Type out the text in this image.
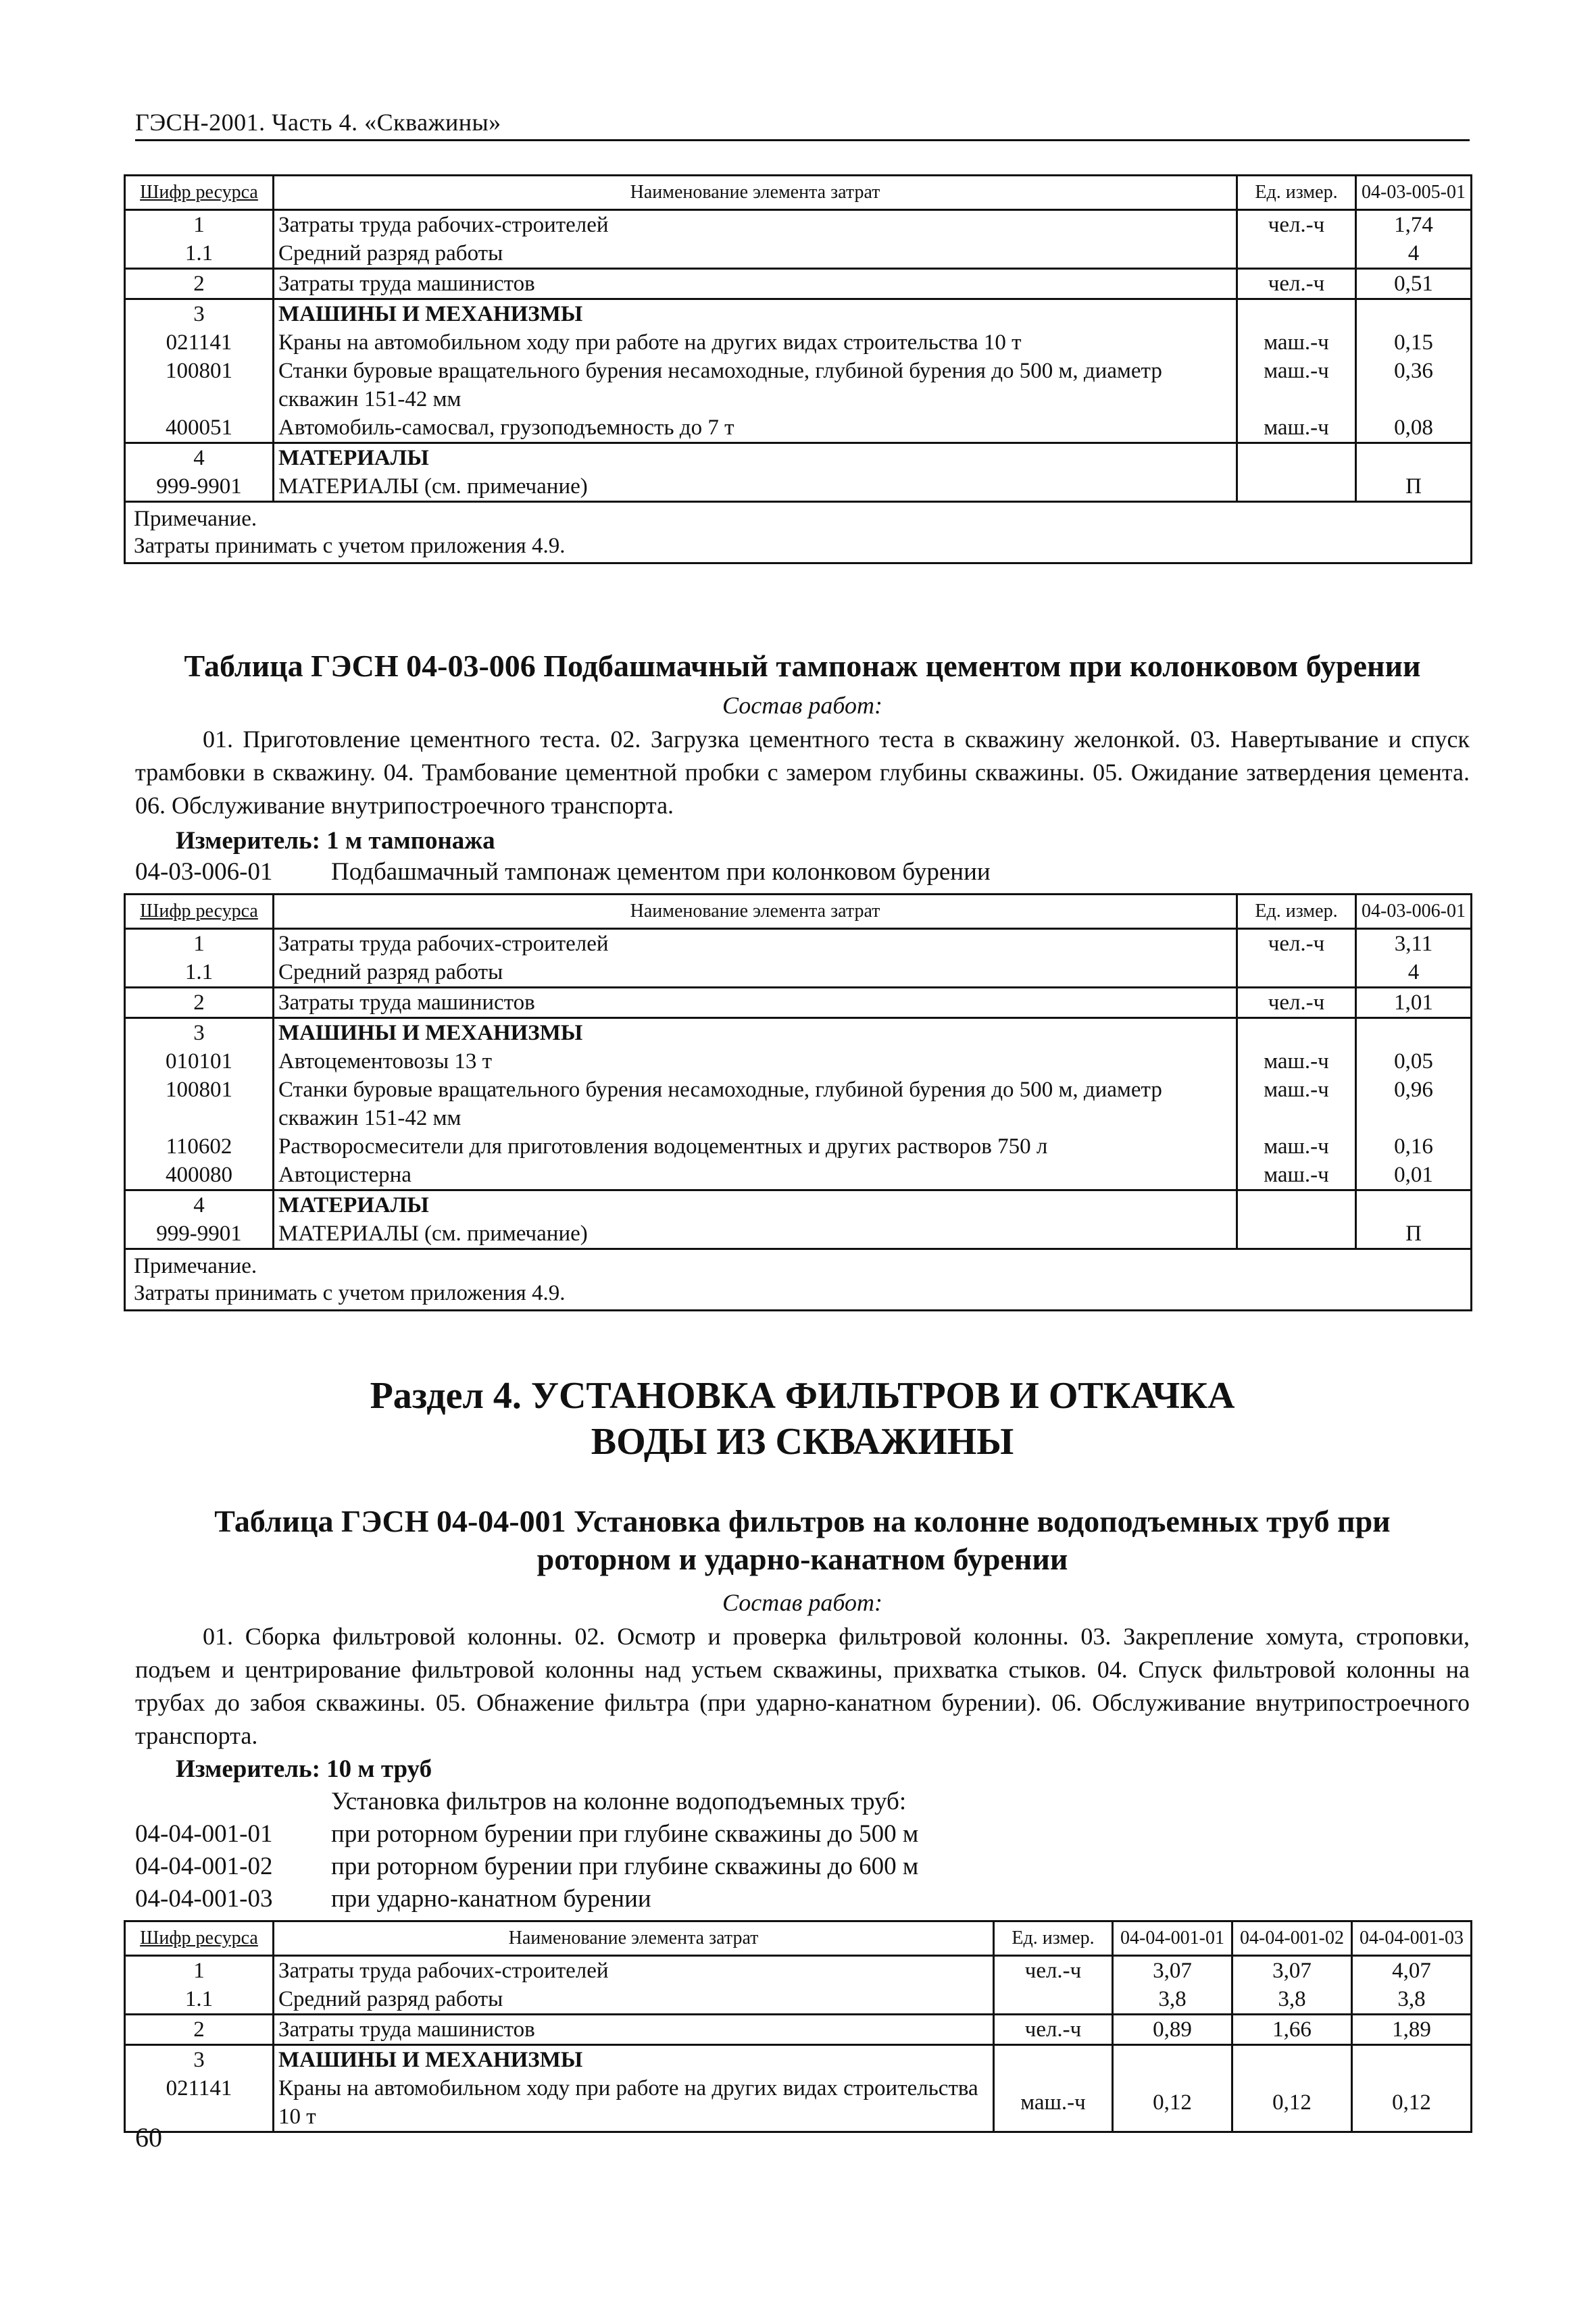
ГЭСН-2001. Часть 4. «Скважины»
Шифр ресурса	Наименование элемента затрат	Ед. измер.	04-03-005-01
1	Затраты труда рабочих-строителей	чел.-ч	1,74
1.1	Средний разряд работы		4
2	Затраты труда машинистов	чел.-ч	0,51
3	МАШИНЫ И МЕХАНИЗМЫ		
021141	Краны на автомобильном ходу при работе на других видах строительства 10 т	маш.-ч	0,15
100801	Станки буровые вращательного бурения несамоходные, глубиной бурения до 500 м, диаметр скважин 151-42 мм	маш.-ч	0,36
400051	Автомобиль-самосвал, грузоподъемность до 7 т	маш.-ч	0,08
4	МАТЕРИАЛЫ		
999-9901	МАТЕРИАЛЫ (см. примечание)		П

Примечание.
Затраты принимать с учетом приложения 4.9.			
Таблица ГЭСН 04-03-006 Подбашмачный тампонаж цементом при колонковом бурении
Состав работ:
01. Приготовление цементного теста. 02. Загрузка цементного теста в скважину желонкой. 03. Навертывание и спуск трамбовки в скважину. 04. Трамбование цементной пробки с замером глубины скважины. 05. Ожидание затвердения цемента. 06. Обслуживание внутрипостроечного транспорта.
Измеритель: 1 м тампонажа
04-03-006-01 Подбашмачный тампонаж цементом при колонковом бурении
Шифр ресурса	Наименование элемента затрат	Ед. измер.	04-03-006-01
1	Затраты труда рабочих-строителей	чел.-ч	3,11
1.1	Средний разряд работы		4
2	Затраты труда машинистов	чел.-ч	1,01
3	МАШИНЫ И МЕХАНИЗМЫ		
010101	Автоцементовозы 13 т	маш.-ч	0,05
100801	Станки буровые вращательного бурения несамоходные, глубиной бурения до 500 м, диаметр скважин 151-42 мм	маш.-ч	0,96
110602	Растворосмесители для приготовления водоцементных и других растворов 750 л	маш.-ч	0,16
400080	Автоцистерна	маш.-ч	0,01
4	МАТЕРИАЛЫ		
999-9901	МАТЕРИАЛЫ (см. примечание)		П

Примечание.
Затраты принимать с учетом приложения 4.9.			
Раздел 4. УСТАНОВКА ФИЛЬТРОВ И ОТКАЧКА ВОДЫ ИЗ СКВАЖИНЫ
Таблица ГЭСН 04-04-001 Установка фильтров на колонне водоподъемных труб при роторном и ударно-канатном бурении
Состав работ:
01. Сборка фильтровой колонны. 02. Осмотр и проверка фильтровой колонны. 03. Закрепление хомута, строповки, подъем и центрирование фильтровой колонны над устьем скважины, прихватка стыков. 04. Спуск фильтровой колонны на трубах до забоя скважины. 05. Обнажение фильтра (при ударно-канатном бурении). 06. Обслуживание внутрипостроечного транспорта.
Измеритель: 10 м труб
Установка фильтров на колонне водоподъемных труб:
04-04-001-01 при роторном бурении при глубине скважины до 500 м
04-04-001-02 при роторном бурении при глубине скважины до 600 м
04-04-001-03 при ударно-канатном бурении
Шифр ресурса	Наименование элемента затрат	Ед. измер.	04-04-001-01	04-04-001-02	04-04-001-03
1	Затраты труда рабочих-строителей	чел.-ч	3,07	3,07	4,07
1.1	Средний разряд работы		3,8	3,8	3,8
2	Затраты труда машинистов	чел.-ч	0,89	1,66	1,89
3	МАШИНЫ И МЕХАНИЗМЫ				
021141	Краны на автомобильном ходу при работе на других видах строительства 10 т	маш.-ч	0,12	0,12	0,12
60
